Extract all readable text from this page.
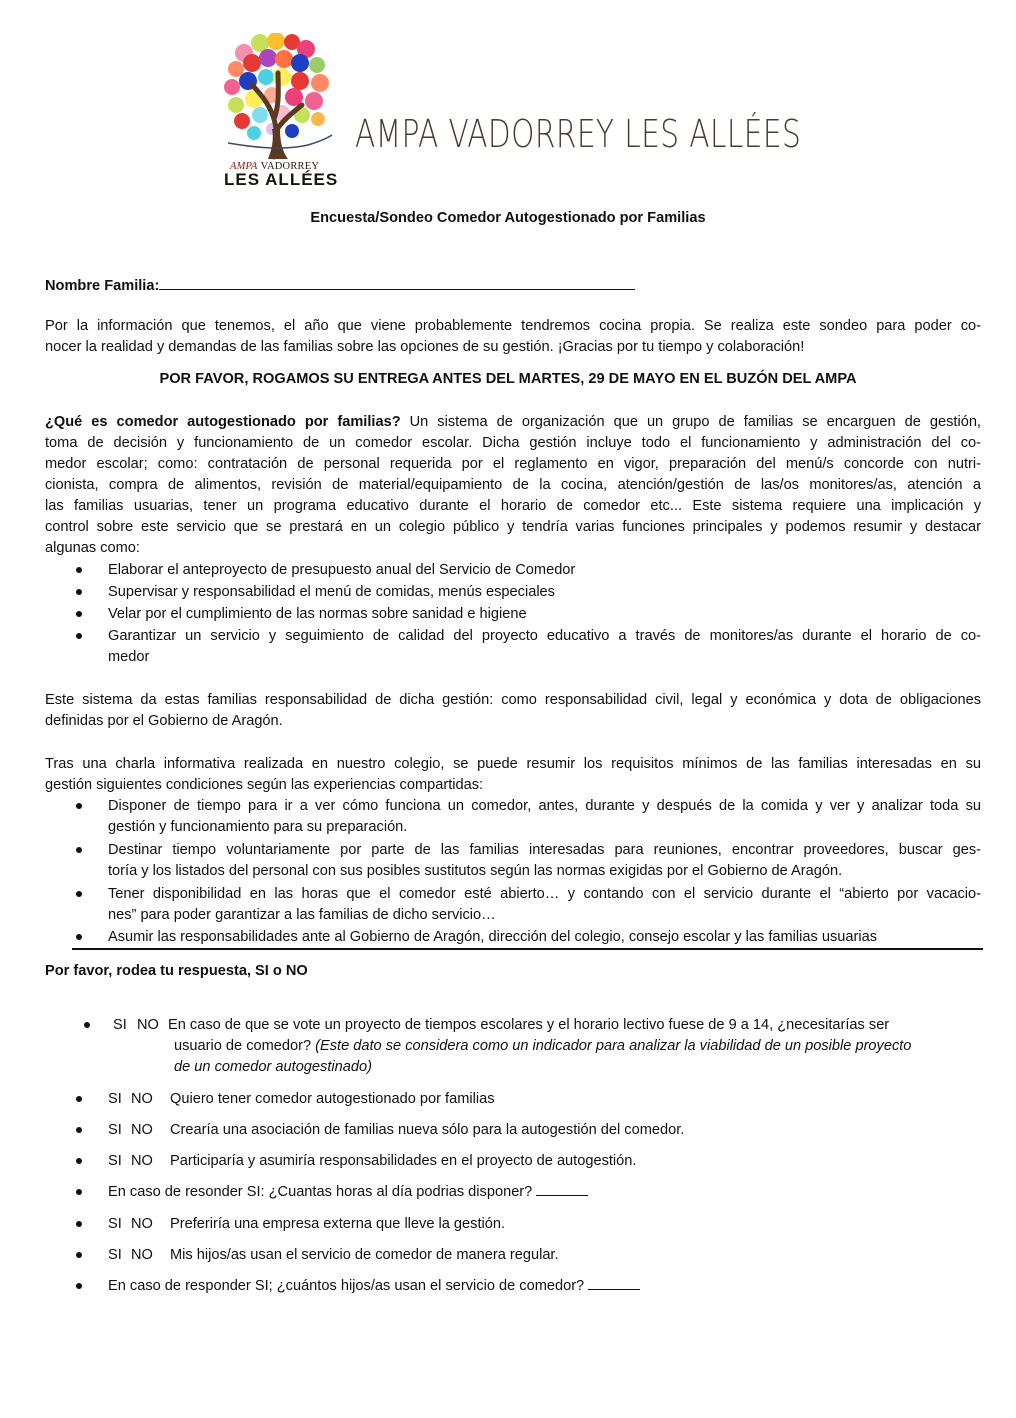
AMPA VADORREY
LES ALLÉES
AMPA VADORREY LES ALLÉES
Encuesta/Sondeo Comedor Autogestionado por Familias
Nombre Familia:
Por la información que tenemos, el año que viene probablemente tendremos cocina propia. Se realiza este sondeo para poder co-
nocer la realidad y demandas de las familias sobre las opciones de su gestión. ¡Gracias por tu tiempo y colaboración!
POR FAVOR, ROGAMOS SU ENTREGA ANTES DEL MARTES, 29 DE MAYO EN EL BUZÓN DEL AMPA
¿Qué es comedor autogestionado por familias? Un sistema de organización que un grupo de familias se encarguen de gestión,
toma de decisión y funcionamiento de un comedor escolar. Dicha gestión incluye todo el funcionamiento y administración del co-
medor escolar; como: contratación de personal requerida por el reglamento en vigor, preparación del menú/s concorde con nutri-
cionista, compra de alimentos, revisión de material/equipamiento de la cocina, atención/gestión de las/os monitores/as, atención a
las familias usuarias, tener un programa educativo durante el horario de comedor etc... Este sistema requiere una implicación y
control sobre este servicio que se prestará en un colegio público y tendría varias funciones principales y podemos resumir y destacar
algunas como:
Elaborar el anteproyecto de presupuesto anual del Servicio de Comedor
Supervisar y responsabilidad el menú de comidas, menús especiales
Velar por el cumplimiento de las normas sobre sanidad e higiene
Garantizar un servicio y seguimiento de calidad del proyecto educativo a través de monitores/as durante el horario de co-
medor
Este sistema da estas familias responsabilidad de dicha gestión: como responsabilidad civil, legal y económica y dota de obligaciones
definidas por el Gobierno de Aragón.
Tras una charla informativa realizada en nuestro colegio, se puede resumir los requisitos mínimos de las familias interesadas en su
gestión siguientes condiciones según las experiencias compartidas:
Disponer de tiempo para ir a ver cómo funciona un comedor, antes, durante y después de la comida y ver y analizar toda su
gestión y funcionamiento para su preparación.
Destinar tiempo voluntariamente por parte de las familias interesadas para reuniones, encontrar proveedores, buscar ges-
toría y los listados del personal con sus posibles sustitutos según las normas exigidas por el Gobierno de Aragón.
Tener disponibilidad en las horas que el comedor esté abierto… y contando con el servicio durante el “abierto por vacacio-
nes” para poder garantizar a las familias de dicho servicio…
Asumir las responsabilidades ante al Gobierno de Aragón, dirección del colegio, consejo escolar y las familias usuarias
Por favor, rodea tu respuesta, SI o NO
SI NO En caso de que se vote un proyecto de tiempos escolares y el horario lectivo fuese de 9 a 14, ¿necesitarías ser
usuario de comedor? (Este dato se considera como un indicador para analizar la viabilidad de un posible proyecto
de un comedor autogestinado)
SI NO Quiero tener comedor autogestionado por familias
SI NO Crearía una asociación de familias nueva sólo para la autogestión del comedor.
SI NO Participaría y asumiría responsabilidades en el proyecto de autogestión.
En caso de resonder SI: ¿Cuantas horas al día podrias disponer?
SI NO Preferiría una empresa externa que lleve la gestión.
SI NO Mis hijos/as usan el servicio de comedor de manera regular.
En caso de responder SI; ¿cuántos hijos/as usan el servicio de comedor?
